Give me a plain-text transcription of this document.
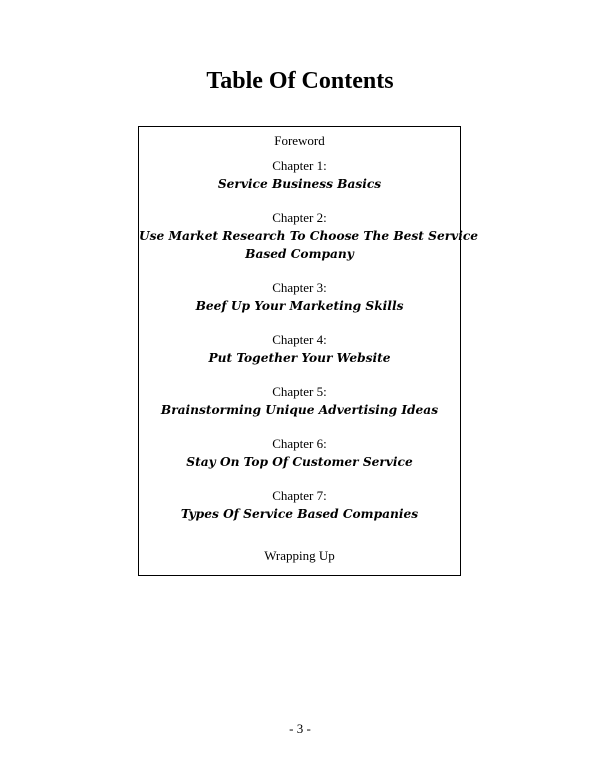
Table Of Contents
Foreword
Chapter 1:
Service Business Basics
Chapter 2:
Use Market Research To Choose The Best Service
Based Company
Chapter 3:
Beef Up Your Marketing Skills
Chapter 4:
Put Together Your Website
Chapter 5:
Brainstorming Unique Advertising Ideas
Chapter 6:
Stay On Top Of Customer Service
Chapter 7:
Types Of Service Based Companies
Wrapping Up
- 3 -
